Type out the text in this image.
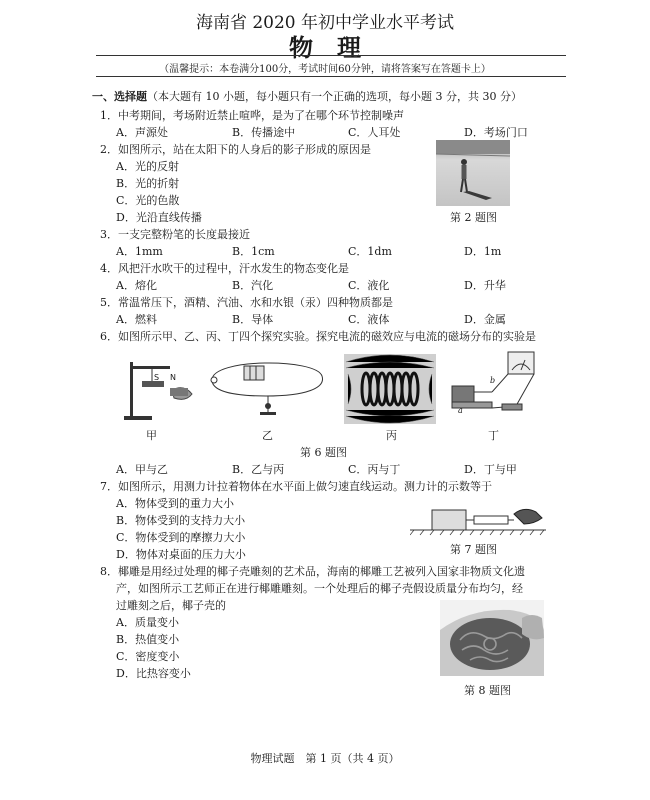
海南省 2020 年初中学业水平考试
物理
（温馨提示：本卷满分100分，考试时间60分钟，请将答案写在答题卡上）
一、选择题（本大题有 10 小题，每小题只有一个正确的选项，每小题 3 分，共 30 分）
1．中考期间，考场附近禁止喧哗，是为了在哪个环节控制噪声
A．声源处	B．传播途中	C．人耳处	D．考场门口
2．如图所示，站在太阳下的人身后的影子形成的原因是
A．光的反射
B．光的折射
C．光的色散
D．光沿直线传播	第 2 题图
3．一支完整粉笔的长度最接近
A．1mm	B．1cm	C．1dm	D．1m
4．风把汗水吹干的过程中，汗水发生的物态变化是
A．熔化	B．汽化	C．液化	D．升华
5．常温常压下，酒精、汽油、水和水银（汞）四种物质都是
A．燃料	B．导体	C．液体	D．金属
6．如图所示甲、乙、丙、丁四个探究实验。探究电流的磁效应与电流的磁场分布的实验是
S N
a
b
甲	乙	丙	丁
第 6 题图
A．甲与乙	B．乙与丙	C．丙与丁	D．丁与甲
7．如图所示，用测力计拉着物体在水平面上做匀速直线运动。测力计的示数等于
A．物体受到的重力大小
B．物体受到的支持力大小
C．物体受到的摩擦力大小
D．物体对桌面的压力大小	第 7 题图
8．椰雕是用经过处理的椰子壳雕刻的艺术品，海南的椰雕工艺被列入国家非物质文化遗
产，如图所示工艺师正在进行椰雕雕刻。一个处理后的椰子壳假设质量分布均匀，经
过雕刻之后，椰子壳的
A．质量变小
B．热值变小
C．密度变小
D．比热容变小
第 8 题图
物理试题　第 1 页（共 4 页）
